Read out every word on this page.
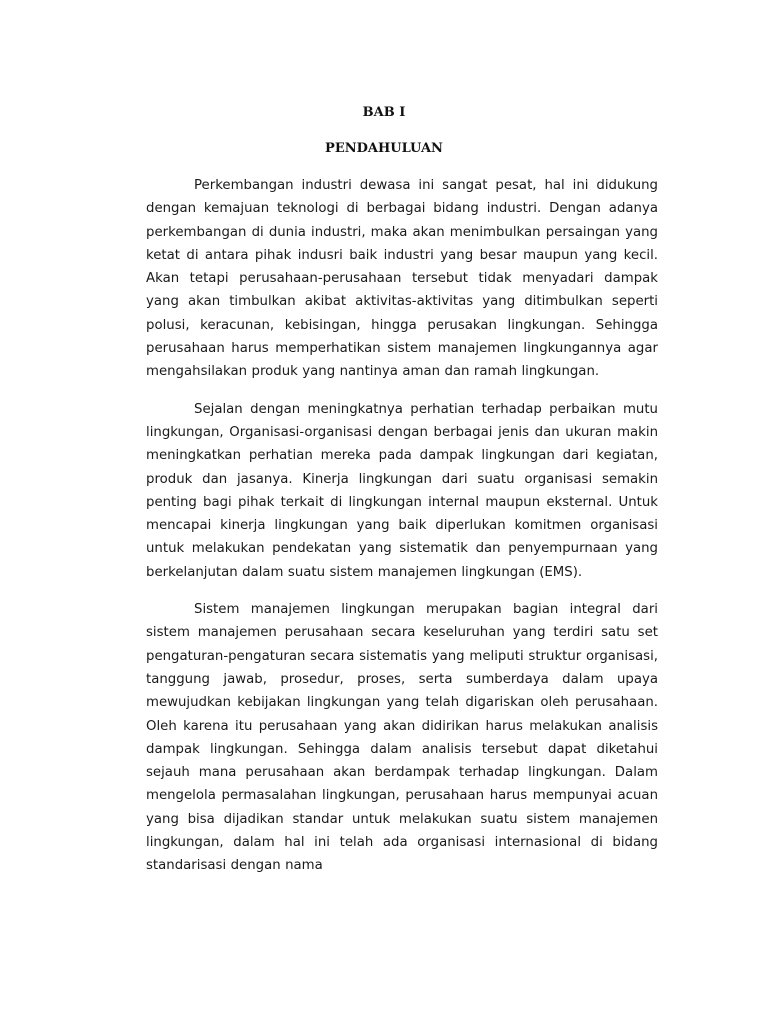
BAB I
PENDAHULUAN

Perkembangan industri dewasa ini sangat pesat, hal ini didukung dengan kemajuan teknologi di berbagai bidang industri. Dengan adanya perkembangan di dunia industri, maka akan menimbulkan persaingan yang ketat di antara pihak indusri baik industri yang besar maupun yang kecil. Akan tetapi perusahaan-perusahaan tersebut tidak menyadari dampak yang akan timbulkan akibat aktivitas-aktivitas yang ditimbulkan seperti polusi, keracunan, kebisingan, hingga perusakan lingkungan. Sehingga perusahaan harus memperhatikan sistem manajemen lingkungannya agar mengahsilakan produk yang nantinya aman dan ramah lingkungan.

Sejalan dengan meningkatnya perhatian terhadap perbaikan mutu lingkungan, Organisasi-organisasi dengan berbagai jenis dan ukuran makin meningkatkan perhatian mereka pada dampak lingkungan dari kegiatan, produk dan jasanya. Kinerja lingkungan dari suatu organisasi semakin penting bagi pihak terkait di lingkungan internal maupun eksternal. Untuk mencapai kinerja lingkungan yang baik diperlukan komitmen organisasi untuk melakukan pendekatan yang sistematik dan penyempurnaan yang berkelanjutan dalam suatu sistem manajemen lingkungan (EMS).

Sistem manajemen lingkungan merupakan bagian integral dari sistem manajemen perusahaan secara keseluruhan yang terdiri satu set pengaturan-pengaturan secara sistematis yang meliputi struktur organisasi, tanggung jawab, prosedur, proses, serta sumberdaya dalam upaya mewujudkan kebijakan lingkungan yang telah digariskan oleh perusahaan. Oleh karena itu perusahaan yang akan didirikan harus melakukan analisis dampak lingkungan. Sehingga dalam analisis tersebut dapat diketahui sejauh mana perusahaan akan berdampak terhadap lingkungan. Dalam mengelola permasalahan lingkungan, perusahaan harus mempunyai acuan yang bisa dijadikan standar untuk melakukan suatu sistem manajemen lingkungan, dalam hal ini telah ada organisasi internasional di bidang standarisasi dengan nama
